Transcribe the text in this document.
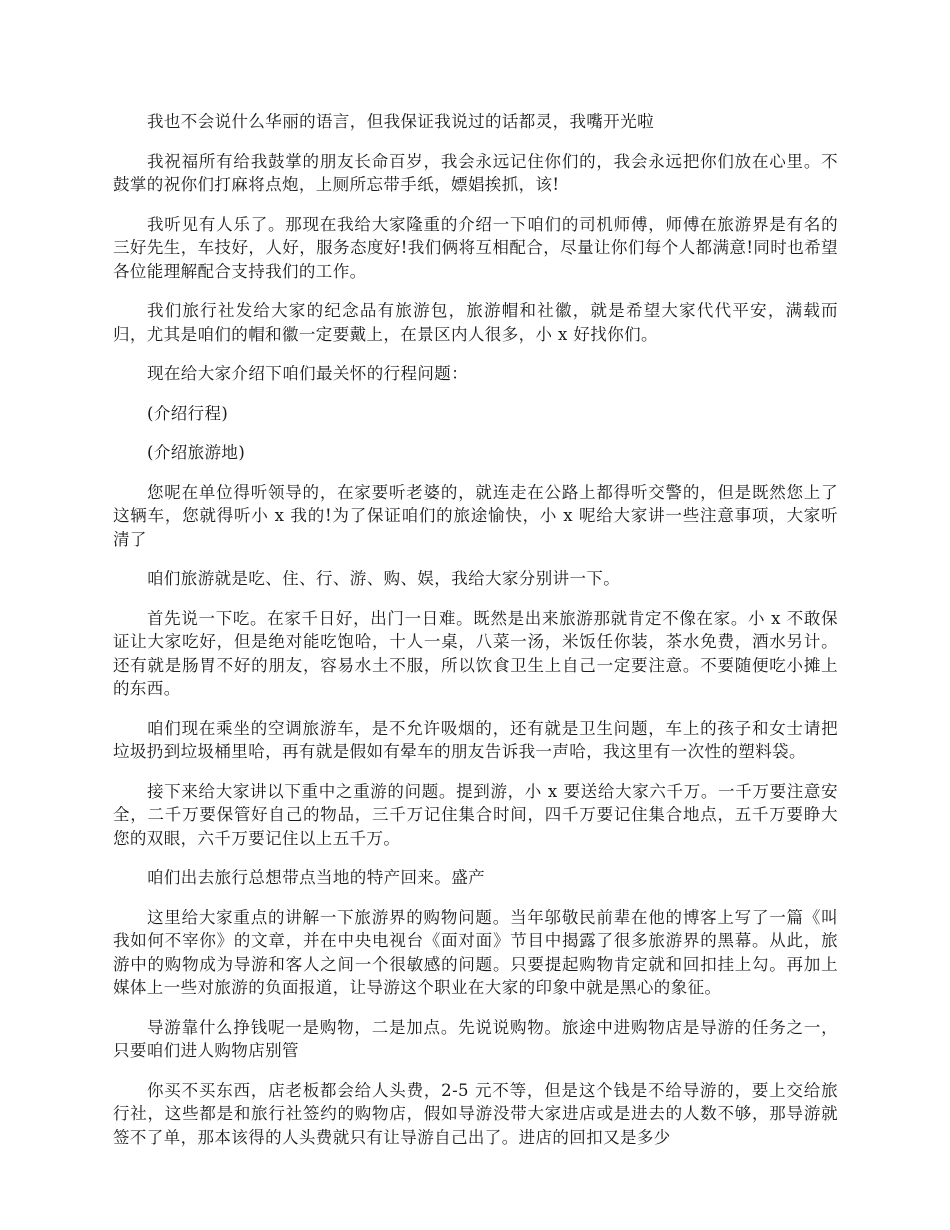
我也不会说什么华丽的语言，但我保证我说过的话都灵，我嘴开光啦

我祝福所有给我鼓掌的朋友长命百岁，我会永远记住你们的，我会永远把你们放在心里。不鼓掌的祝你们打麻将点炮，上厕所忘带手纸，嫖娼挨抓，该!

我听见有人乐了。那现在我给大家隆重的介绍一下咱们的司机师傅，师傅在旅游界是有名的三好先生，车技好，人好，服务态度好!我们俩将互相配合，尽量让你们每个人都满意!同时也希望各位能理解配合支持我们的工作。

我们旅行社发给大家的纪念品有旅游包，旅游帽和社徽，就是希望大家代代平安，满载而归，尤其是咱们的帽和徽一定要戴上，在景区内人很多，小 x 好找你们。

现在给大家介绍下咱们最关怀的行程问题：

(介绍行程)

(介绍旅游地)

您呢在单位得听领导的，在家要听老婆的，就连走在公路上都得听交警的，但是既然您上了这辆车，您就得听小 x 我的!为了保证咱们的旅途愉快，小 x 呢给大家讲一些注意事项，大家听清了

咱们旅游就是吃、住、行、游、购、娱，我给大家分别讲一下。

首先说一下吃。在家千日好，出门一日难。既然是出来旅游那就肯定不像在家。小 x 不敢保证让大家吃好，但是绝对能吃饱哈，十人一桌，八菜一汤，米饭任你装，茶水免费，酒水另计。还有就是肠胃不好的朋友，容易水土不服，所以饮食卫生上自己一定要注意。不要随便吃小摊上的东西。

咱们现在乘坐的空调旅游车，是不允许吸烟的，还有就是卫生问题，车上的孩子和女士请把垃圾扔到垃圾桶里哈，再有就是假如有晕车的朋友告诉我一声哈，我这里有一次性的塑料袋。

接下来给大家讲以下重中之重游的问题。提到游，小 x 要送给大家六千万。一千万要注意安全，二千万要保管好自己的物品，三千万记住集合时间，四千万要记住集合地点，五千万要睁大您的双眼，六千万要记住以上五千万。

咱们出去旅行总想带点当地的特产回来。盛产

这里给大家重点的讲解一下旅游界的购物问题。当年邬敬民前辈在他的博客上写了一篇《叫我如何不宰你》的文章，并在中央电视台《面对面》节目中揭露了很多旅游界的黑幕。从此，旅游中的购物成为导游和客人之间一个很敏感的问题。只要提起购物肯定就和回扣挂上勾。再加上媒体上一些对旅游的负面报道，让导游这个职业在大家的印象中就是黑心的象征。

导游靠什么挣钱呢一是购物，二是加点。先说说购物。旅途中进购物店是导游的任务之一，只要咱们进人购物店别管

你买不买东西，店老板都会给人头费，2-5 元不等，但是这个钱是不给导游的，要上交给旅行社，这些都是和旅行社签约的购物店，假如导游没带大家进店或是进去的人数不够，那导游就签不了单，那本该得的人头费就只有让导游自己出了。进店的回扣又是多少
